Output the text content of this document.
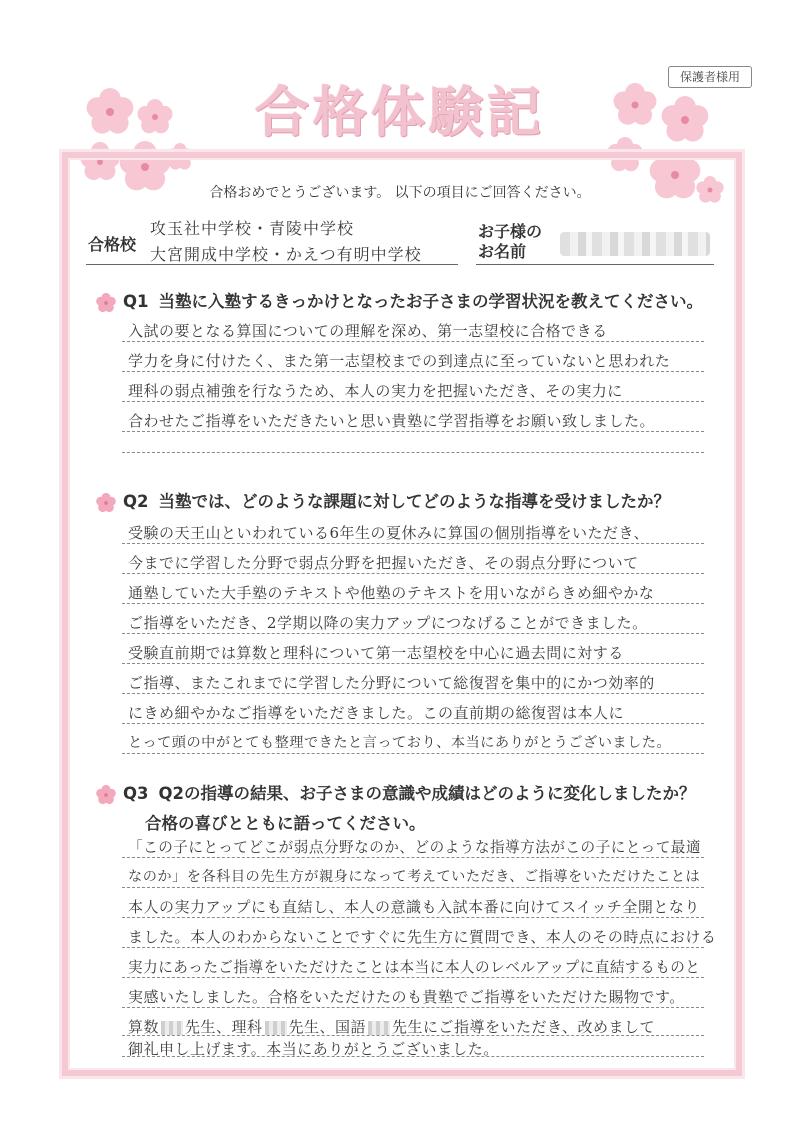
保護者様用
合格体験記
合格おめでとうございます。 以下の項目にご回答ください。
合格校
攻玉社中学校・青陵中学校
大宮開成中学校・かえつ有明中学校
お子様の
お名前
Q1 当塾に入塾するきっかけとなったお子さまの学習状況を教えてください。
入試の要となる算国についての理解を深め、第一志望校に合格できる
学力を身に付けたく、また第一志望校までの到達点に至っていないと思われた
理科の弱点補強を行なうため、本人の実力を把握いただき、その実力に
合わせたご指導をいただきたいと思い貴塾に学習指導をお願い致しました。
Q2 当塾では、どのような課題に対してどのような指導を受けましたか？
受験の天王山といわれている6年生の夏休みに算国の個別指導をいただき、
今までに学習した分野で弱点分野を把握いただき、その弱点分野について
通塾していた大手塾のテキストや他塾のテキストを用いながらきめ細やかな
ご指導をいただき、2学期以降の実力アップにつなげることができました。
受験直前期では算数と理科について第一志望校を中心に過去問に対する
ご指導、またこれまでに学習した分野について総復習を集中的にかつ効率的
にきめ細やかなご指導をいただきました。この直前期の総復習は本人に
とって頭の中がとても整理できたと言っており、本当にありがとうございました。
Q3 Q2の指導の結果、お子さまの意識や成績はどのように変化しましたか？
合格の喜びとともに語ってください。
「この子にとってどこが弱点分野なのか、どのような指導方法がこの子にとって最適
なのか」を各科目の先生方が親身になって考えていただき、ご指導をいただけたことは
本人の実力アップにも直結し、本人の意識も入試本番に向けてスイッチ全開となり
ました。本人のわからないことですぐに先生方に質問でき、本人のその時点における
実力にあったご指導をいただけたことは本当に本人のレベルアップに直結するものと
実感いたしました。合格をいただけたのも貴塾でご指導をいただけた賜物です。
算数 先生、理科 先生、国語 先生にご指導をいただき、改めまして
御礼申し上げます。本当にありがとうございました。
